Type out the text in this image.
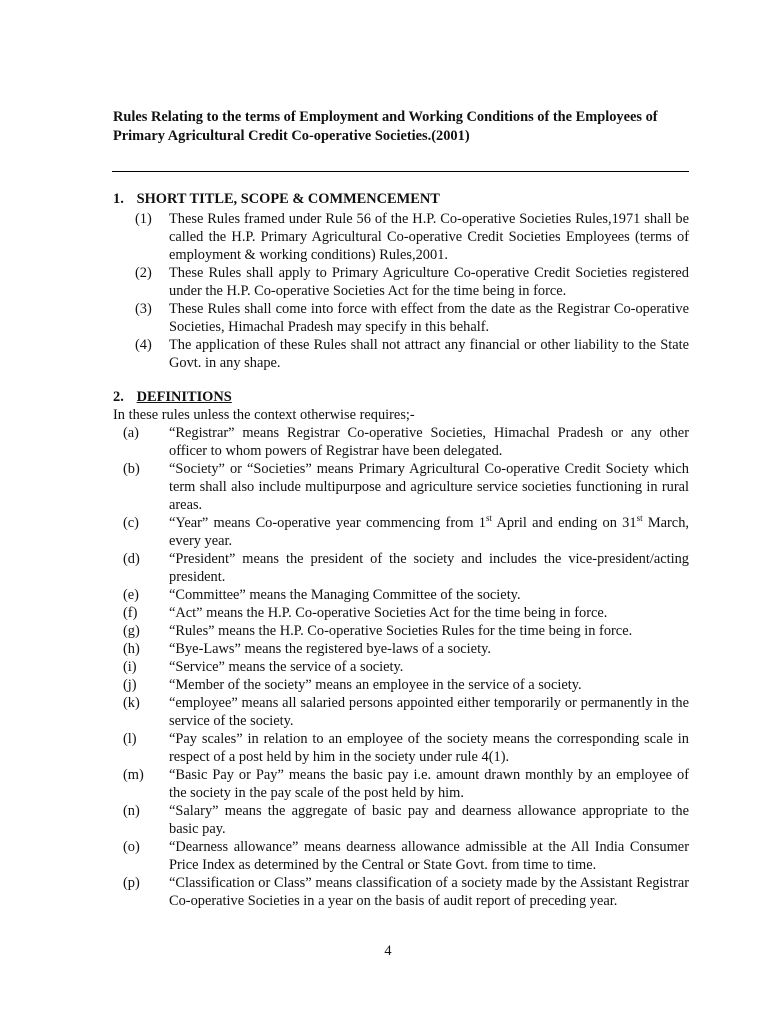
Rules Relating to the terms of Employment and Working Conditions of the Employees of Primary Agricultural Credit Co-operative Societies.(2001)

1. SHORT TITLE, SCOPE & COMMENCEMENT

(1)	These Rules framed under Rule 56 of the H.P. Co-operative Societies Rules,1971 shall be called the H.P. Primary Agricultural Co-operative Credit Societies Employees (terms of employment & working conditions) Rules,2001.
(2)	These Rules shall apply to Primary Agriculture Co-operative Credit Societies registered under the H.P. Co-operative Societies Act for the time being in force.
(3)	These Rules shall come into force with effect from the date as the Registrar Co-operative Societies, Himachal Pradesh may specify in this behalf.
(4)	The application of these Rules shall not attract any financial or other liability to the State Govt. in any shape.

2. DEFINITIONS

In these rules unless the context otherwise requires;-

(a)	“Registrar” means Registrar Co-operative Societies, Himachal Pradesh or any other officer to whom powers of Registrar have been delegated.
(b)	“Society” or “Societies” means Primary Agricultural Co-operative Credit Society which term shall also include multipurpose and agriculture service societies functioning in rural areas.
(c)	“Year” means Co-operative year commencing from 1st April and ending on 31st March, every year.
(d)	“President” means the president of the society and includes the vice-president/acting president.
(e)	“Committee” means the Managing Committee of the society.
(f)	“Act” means the H.P. Co-operative Societies Act for the time being in force.
(g)	“Rules” means the H.P. Co-operative Societies Rules for the time being in force.
(h)	“Bye-Laws” means the registered bye-laws of a society.
(i)	“Service” means the service of a society.
(j)	“Member of the society” means an employee in the service of a society.
(k)	“employee” means all salaried persons appointed either temporarily or permanently in the service of the society.
(l)	“Pay scales” in relation to an employee of the society means the corresponding scale in respect of a post held by him in the society under rule 4(1).
(m)	“Basic Pay or Pay” means the basic pay i.e. amount drawn monthly by an employee of the society in the pay scale of the post held by him.
(n)	“Salary” means the aggregate of basic pay and dearness allowance appropriate to the basic pay.
(o)	“Dearness allowance” means dearness allowance admissible at the All India Consumer Price Index as determined by the Central or State Govt. from time to time.
(p)	“Classification or Class” means classification of a society made by the Assistant Registrar Co-operative Societies in a year on the basis of audit report of preceding year.
4
